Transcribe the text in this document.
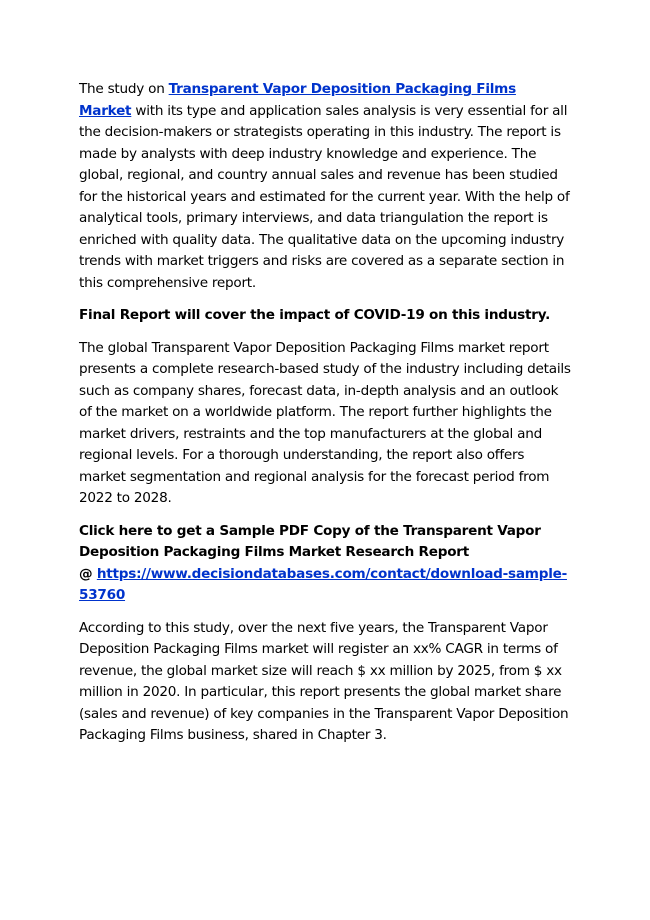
The study on Transparent Vapor Deposition Packaging Films Market with its type and application sales analysis is very essential for all the decision-makers or strategists operating in this industry. The report is made by analysts with deep industry knowledge and experience. The global, regional, and country annual sales and revenue has been studied for the historical years and estimated for the current year. With the help of analytical tools, primary interviews, and data triangulation the report is enriched with quality data. The qualitative data on the upcoming industry trends with market triggers and risks are covered as a separate section in this comprehensive report.

Final Report will cover the impact of COVID-19 on this industry.

The global Transparent Vapor Deposition Packaging Films market report presents a complete research-based study of the industry including details such as company shares, forecast data, in-depth analysis and an outlook of the market on a worldwide platform. The report further highlights the market drivers, restraints and the top manufacturers at the global and regional levels. For a thorough understanding, the report also offers market segmentation and regional analysis for the forecast period from 2022 to 2028.

Click here to get a Sample PDF Copy of the Transparent Vapor Deposition Packaging Films Market Research Report
@ https://www.decisiondatabases.com/contact/download-sample-53760

According to this study, over the next five years, the Transparent Vapor Deposition Packaging Films market will register an xx% CAGR in terms of revenue, the global market size will reach $ xx million by 2025, from $ xx million in 2020. In particular, this report presents the global market share (sales and revenue) of key companies in the Transparent Vapor Deposition Packaging Films business, shared in Chapter 3.
